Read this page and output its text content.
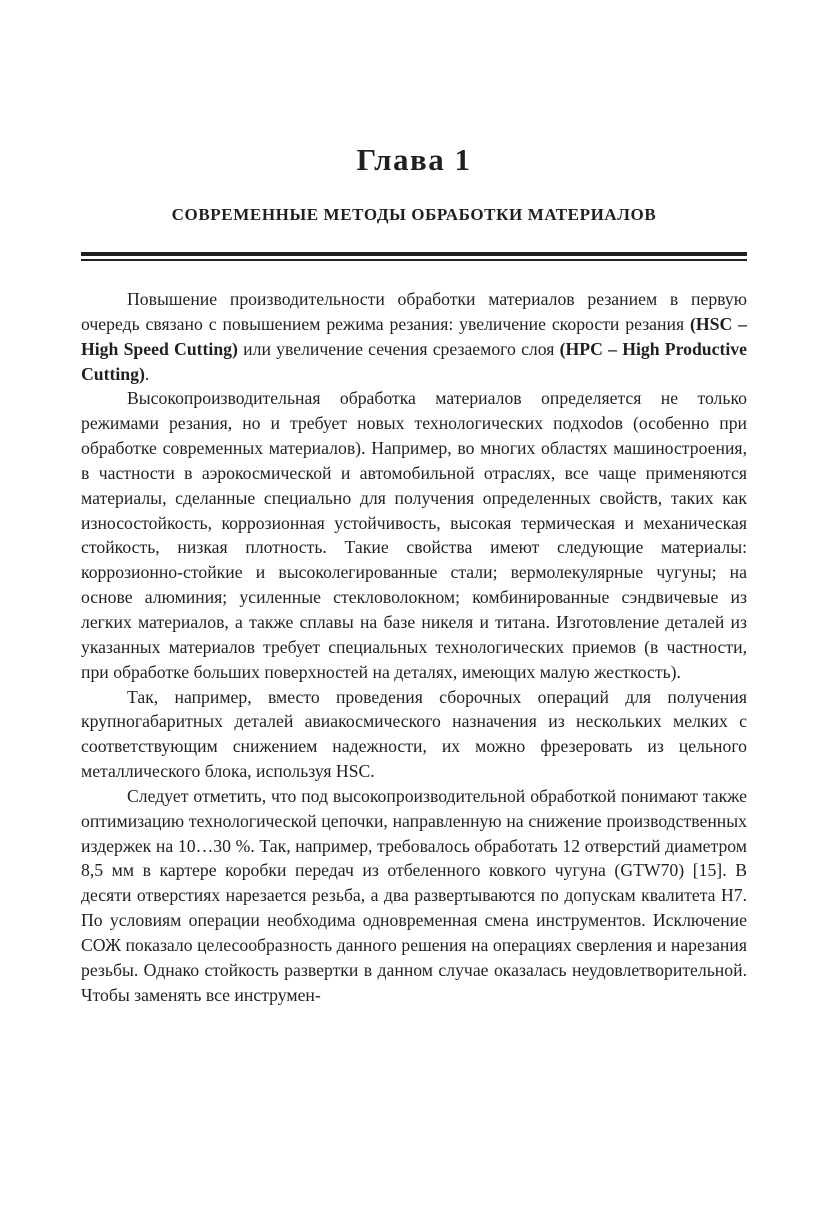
Глава 1
СОВРЕМЕННЫЕ МЕТОДЫ ОБРАБОТКИ МАТЕРИАЛОВ

Повышение производительности обработки материалов резанием в первую очередь связано с повышением режима резания: увеличение скорости резания (HSC – High Speed Cutting) или увеличение сечения срезаемого слоя (HPC – High Productive Cutting).

Высокопроизводительная обработка материалов определяется не только режимами резания, но и требует новых технологических подхоdов (особенно при обработке современных материалов). Например, во многих областях машиностроения, в частности в аэрокосмической и автомобильной отраслях, все чаще применяются материалы, сделанные специально для получения определенных свойств, таких как износостойкость, коррозионная устойчивость, высокая термическая и механическая стойкость, низкая плотность. Такие свойства имеют следующие материалы: коррозионно-стойкие и высоколегированные стали; вермолекулярные чугуны; на основе алюминия; усиленные стекловолокном; комбинированные сэндвичевые из легких материалов, а также сплавы на базе никеля и титана. Изготовление деталей из указанных материалов требует специальных технологических приемов (в частности, при обработке больших поверхностей на деталях, имеющих малую жесткость).

Так, например, вместо проведения сборочных операций для получения крупногабаритных деталей авиакосмического назначения из нескольких мелких с соответствующим снижением надежности, их можно фрезеровать из цельного металлического блока, используя HSC.

Следует отметить, что под высокопроизводительной обработкой понимают также оптимизацию технологической цепочки, направленную на снижение производственных издержек на 10…30 %. Так, например, требовалось обработать 12 отверстий диаметром 8,5 мм в картере коробки передач из отбеленного ковкого чугуна (GTW70) [15]. В десяти отверстиях нарезается резьба, а два развертываются по допускам квалитета Н7. По условиям операции необходима одновременная смена инструментов. Исключение СОЖ показало целесообразность данного решения на операциях сверления и нарезания резьбы. Однако стойкость развертки в данном случае оказалась неудовлетворительной. Чтобы заменять все инструмен-
